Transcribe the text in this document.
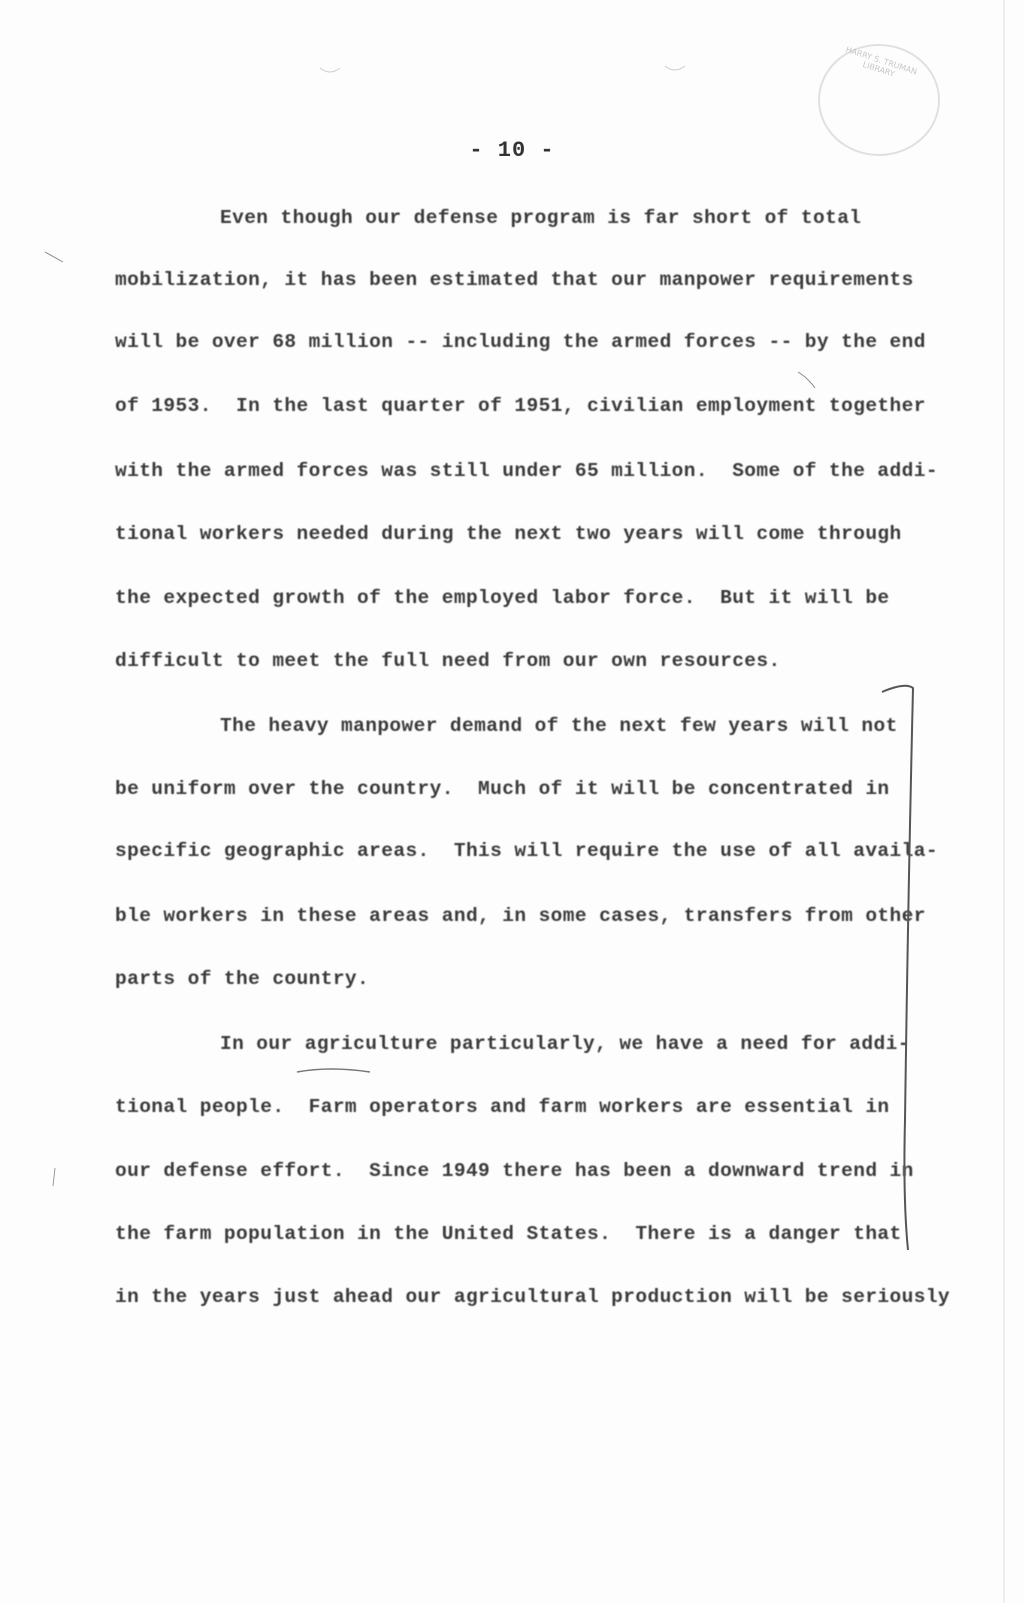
HARRY S. TRUMAN LIBRARY
- 10 -
Even though our defense program is far short of total
mobilization, it has been estimated that our manpower requirements
will be over 68 million -- including the armed forces -- by the end
of 1953.  In the last quarter of 1951, civilian employment together
with the armed forces was still under 65 million.  Some of the addi-
tional workers needed during the next two years will come through
the expected growth of the employed labor force.  But it will be
difficult to meet the full need from our own resources.
The heavy manpower demand of the next few years will not
be uniform over the country.  Much of it will be concentrated in
specific geographic areas.  This will require the use of all availa-
ble workers in these areas and, in some cases, transfers from other
parts of the country.
In our agriculture particularly, we have a need for addi-
tional people.  Farm operators and farm workers are essential in
our defense effort.  Since 1949 there has been a downward trend in
the farm population in the United States.  There is a danger that
in the years just ahead our agricultural production will be seriously
